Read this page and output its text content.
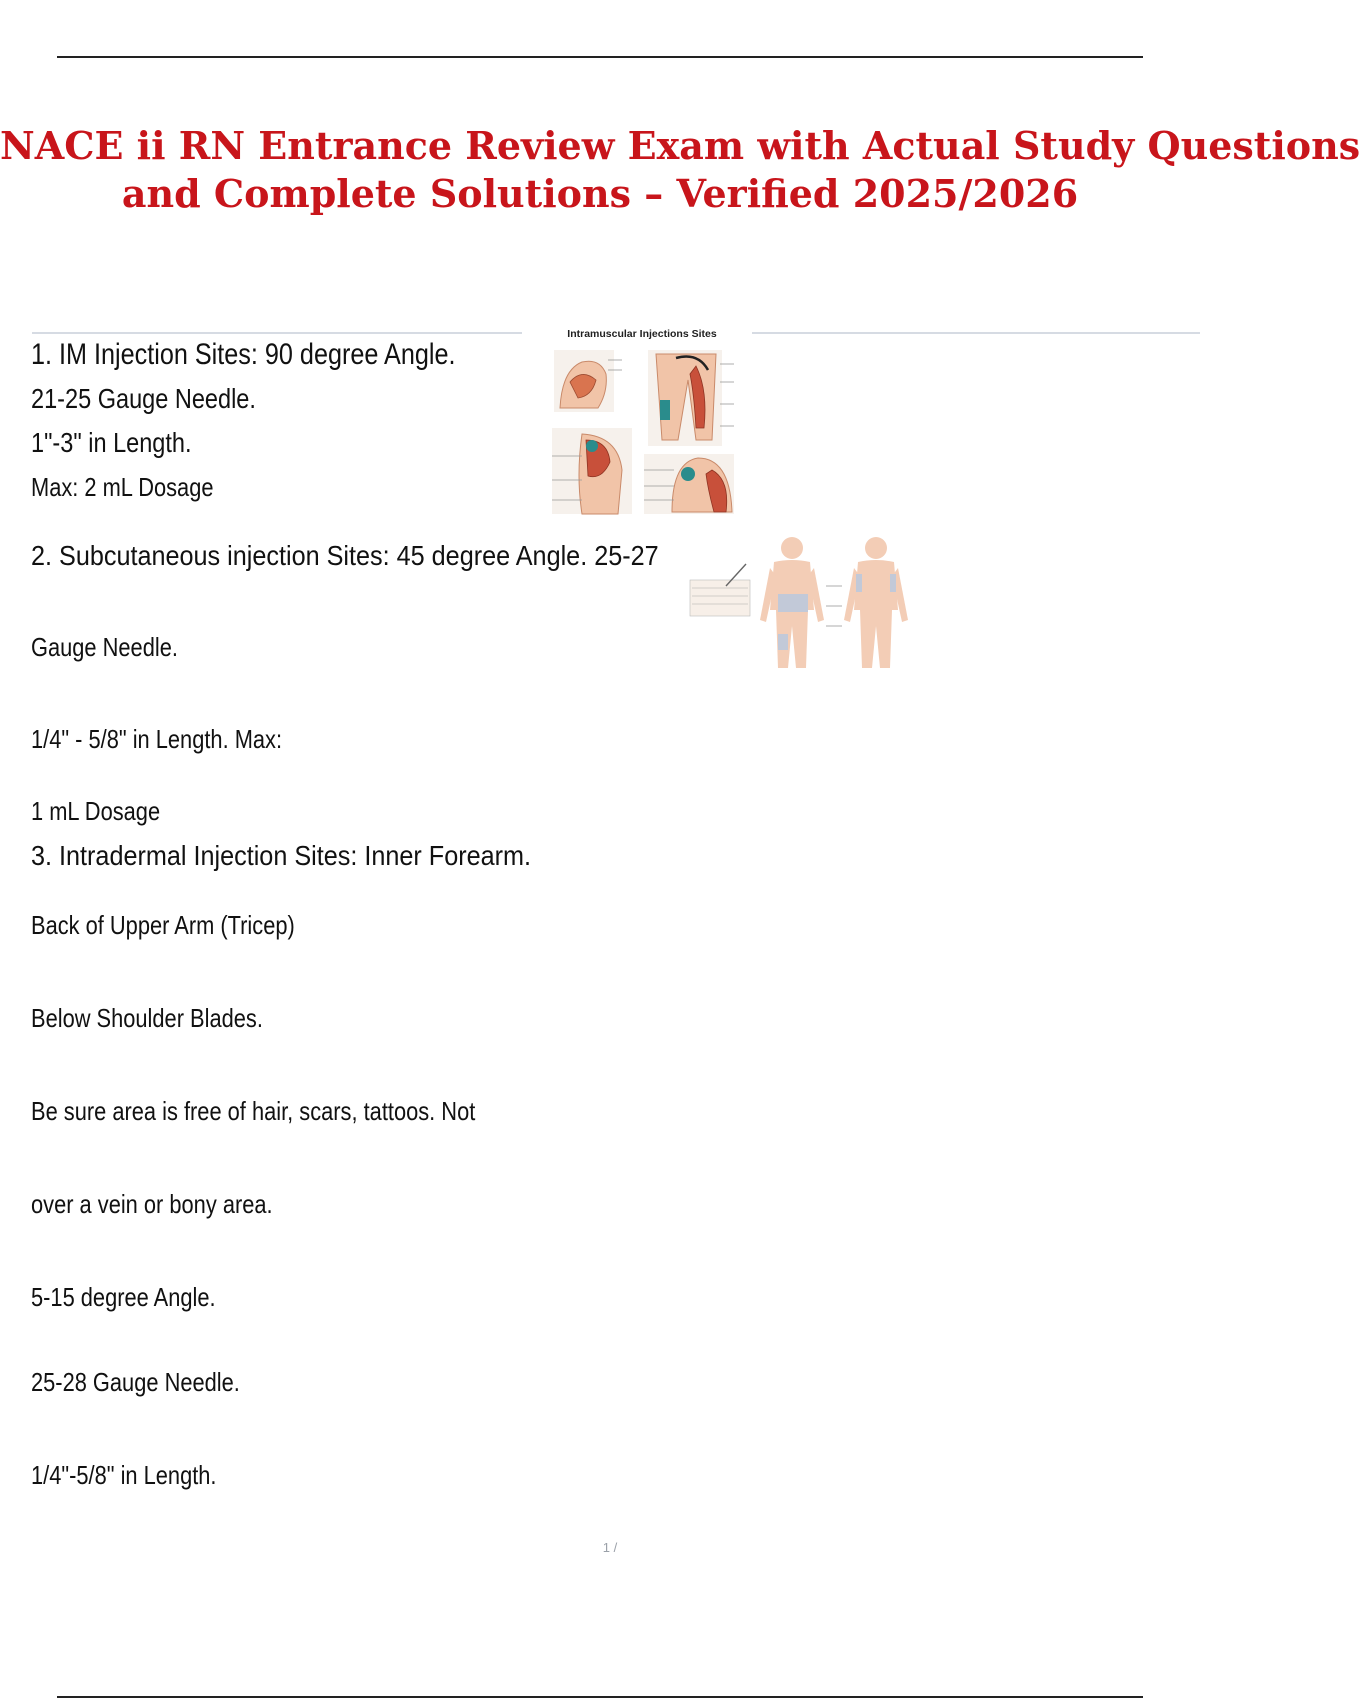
NACE ii RN Entrance Review Exam with Actual Study Questions
and Complete Solutions – Verified 2025/2026

1. IM Injection Sites: 90 degree Angle.

21-25 Gauge Needle.

1"-3" in Length.

Max: 2 mL Dosage

Intramuscular Injections Sites

2. Subcutaneous injection Sites: 45 degree Angle. 25-27

Gauge Needle.

1/4" - 5/8" in Length. Max:

1 mL Dosage

3. Intradermal Injection Sites: Inner Forearm.

Back of Upper Arm (Tricep)

Below Shoulder Blades.

Be sure area is free of hair, scars, tattoos. Not

over a vein or bony area.

5-15 degree Angle.

25-28 Gauge Needle.

1/4"-5/8" in Length.

1 /
